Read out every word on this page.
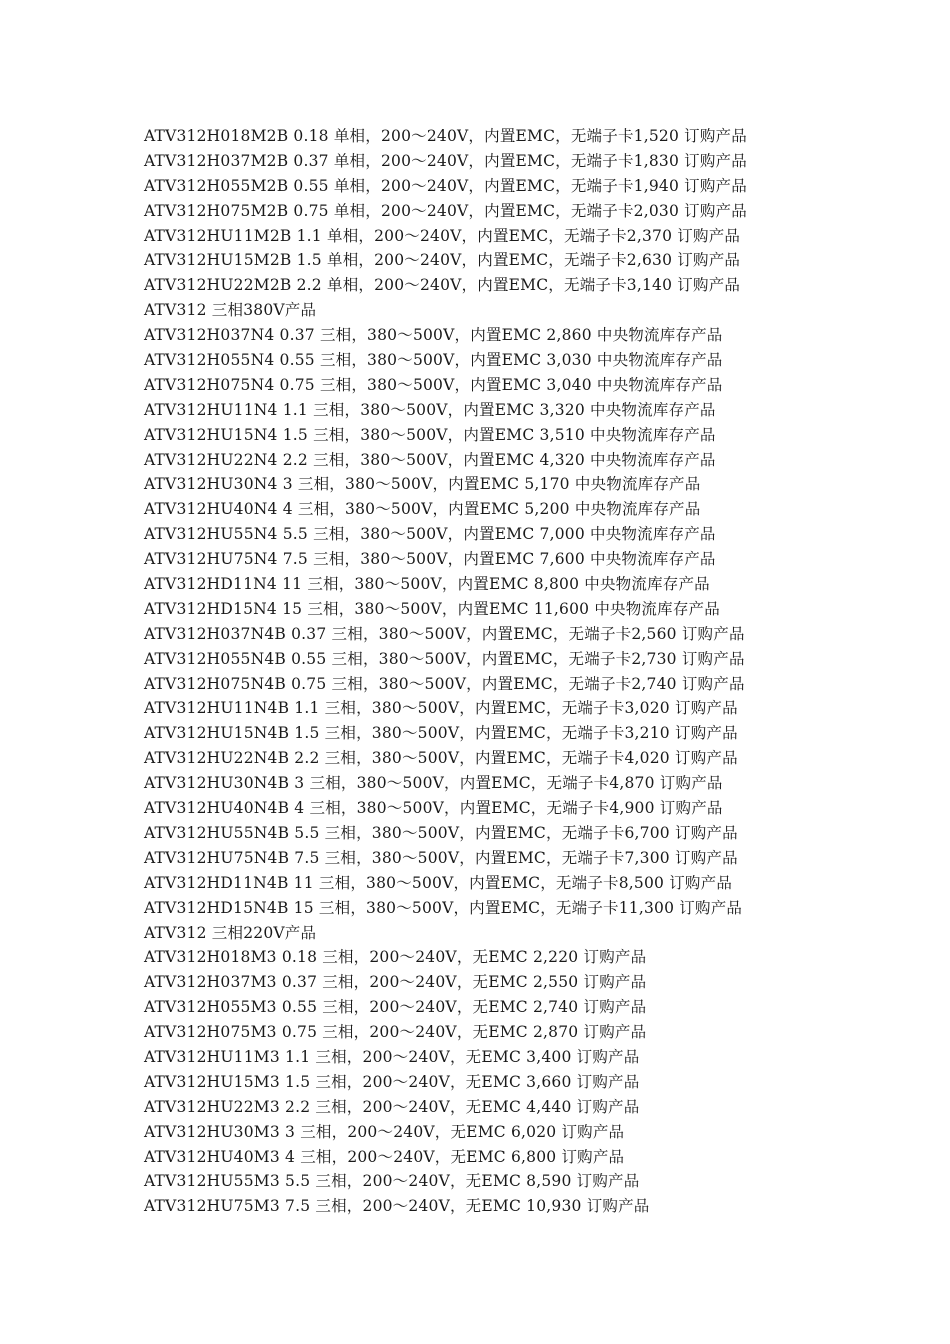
ATV312H018M2B 0.18 单相，200～240V，内置EMC，无端子卡1,520 订购产品
ATV312H037M2B 0.37 单相，200～240V，内置EMC，无端子卡1,830 订购产品
ATV312H055M2B 0.55 单相，200～240V，内置EMC，无端子卡1,940 订购产品
ATV312H075M2B 0.75 单相，200～240V，内置EMC，无端子卡2,030 订购产品
ATV312HU11M2B 1.1 单相，200～240V，内置EMC，无端子卡2,370 订购产品
ATV312HU15M2B 1.5 单相，200～240V，内置EMC，无端子卡2,630 订购产品
ATV312HU22M2B 2.2 单相，200～240V，内置EMC，无端子卡3,140 订购产品
ATV312 三相380V产品
ATV312H037N4 0.37 三相，380～500V，内置EMC 2,860 中央物流库存产品
ATV312H055N4 0.55 三相，380～500V，内置EMC 3,030 中央物流库存产品
ATV312H075N4 0.75 三相，380～500V，内置EMC 3,040 中央物流库存产品
ATV312HU11N4 1.1 三相，380～500V，内置EMC 3,320 中央物流库存产品
ATV312HU15N4 1.5 三相，380～500V，内置EMC 3,510 中央物流库存产品
ATV312HU22N4 2.2 三相，380～500V，内置EMC 4,320 中央物流库存产品
ATV312HU30N4 3 三相，380～500V，内置EMC 5,170 中央物流库存产品
ATV312HU40N4 4 三相，380～500V，内置EMC 5,200 中央物流库存产品
ATV312HU55N4 5.5 三相，380～500V，内置EMC 7,000 中央物流库存产品
ATV312HU75N4 7.5 三相，380～500V，内置EMC 7,600 中央物流库存产品
ATV312HD11N4 11 三相，380～500V，内置EMC 8,800 中央物流库存产品
ATV312HD15N4 15 三相，380～500V，内置EMC 11,600 中央物流库存产品
ATV312H037N4B 0.37 三相，380～500V，内置EMC，无端子卡2,560 订购产品
ATV312H055N4B 0.55 三相，380～500V，内置EMC，无端子卡2,730 订购产品
ATV312H075N4B 0.75 三相，380～500V，内置EMC，无端子卡2,740 订购产品
ATV312HU11N4B 1.1 三相，380～500V，内置EMC，无端子卡3,020 订购产品
ATV312HU15N4B 1.5 三相，380～500V，内置EMC，无端子卡3,210 订购产品
ATV312HU22N4B 2.2 三相，380～500V，内置EMC，无端子卡4,020 订购产品
ATV312HU30N4B 3 三相，380～500V，内置EMC，无端子卡4,870 订购产品
ATV312HU40N4B 4 三相，380～500V，内置EMC，无端子卡4,900 订购产品
ATV312HU55N4B 5.5 三相，380～500V，内置EMC，无端子卡6,700 订购产品
ATV312HU75N4B 7.5 三相，380～500V，内置EMC，无端子卡7,300 订购产品
ATV312HD11N4B 11 三相，380～500V，内置EMC，无端子卡8,500 订购产品
ATV312HD15N4B 15 三相，380～500V，内置EMC，无端子卡11,300 订购产品
ATV312 三相220V产品
ATV312H018M3 0.18 三相，200～240V，无EMC 2,220 订购产品
ATV312H037M3 0.37 三相，200～240V，无EMC 2,550 订购产品
ATV312H055M3 0.55 三相，200～240V，无EMC 2,740 订购产品
ATV312H075M3 0.75 三相，200～240V，无EMC 2,870 订购产品
ATV312HU11M3 1.1 三相，200～240V，无EMC 3,400 订购产品
ATV312HU15M3 1.5 三相，200～240V，无EMC 3,660 订购产品
ATV312HU22M3 2.2 三相，200～240V，无EMC 4,440 订购产品
ATV312HU30M3 3 三相，200～240V，无EMC 6,020 订购产品
ATV312HU40M3 4 三相，200～240V，无EMC 6,800 订购产品
ATV312HU55M3 5.5 三相，200～240V，无EMC 8,590 订购产品
ATV312HU75M3 7.5 三相，200～240V，无EMC 10,930 订购产品
